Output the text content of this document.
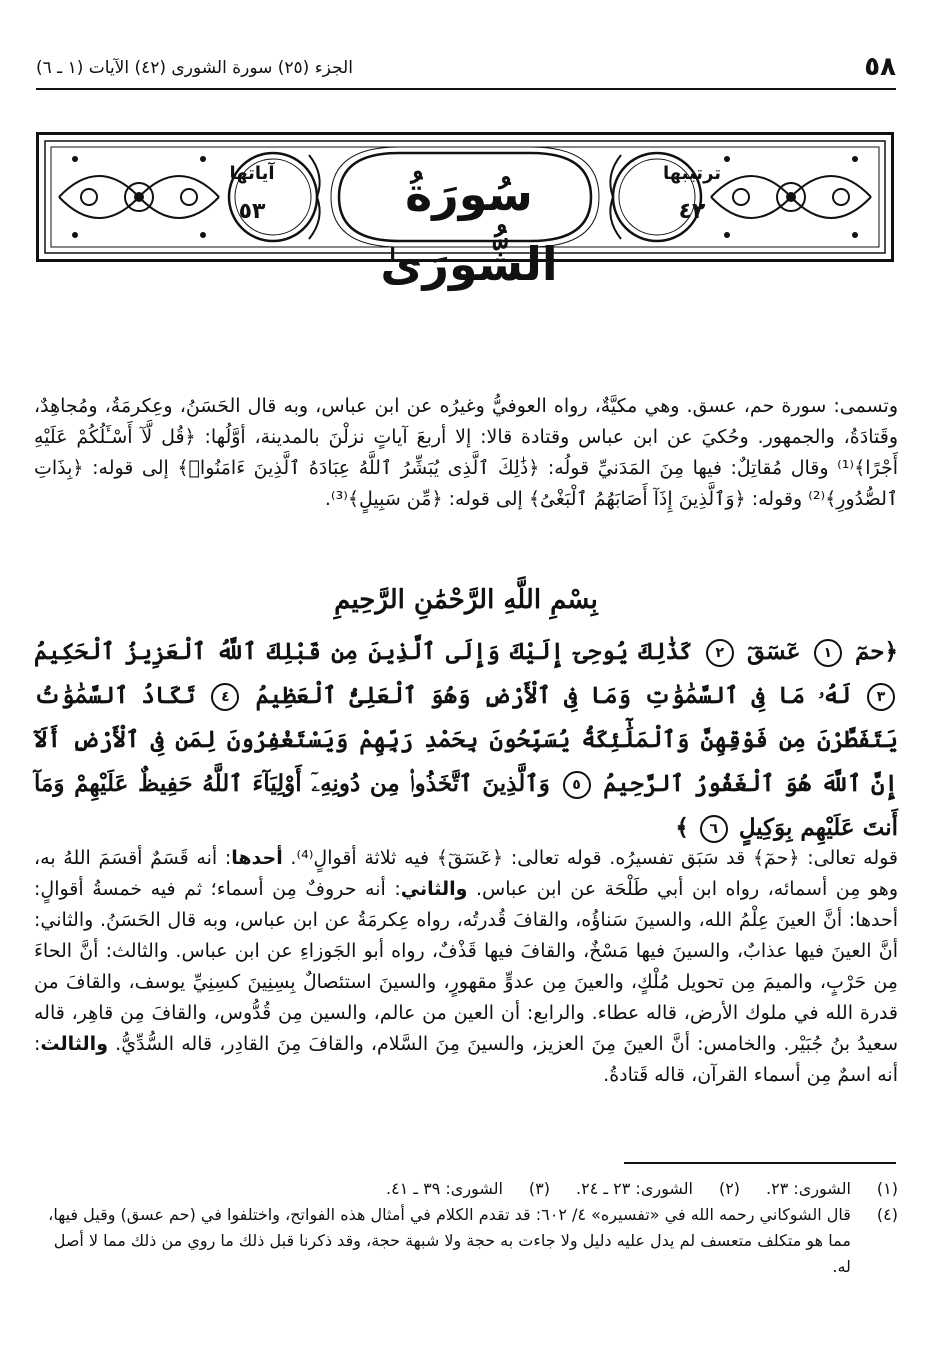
٥٨
الجزء (٢٥) سورة الشورى (٤٢) الآيات (١ ـ ٦)
سُورَةُ الشُّورَىٰ
ترتيبها
٤٢
آياتها
٥٣

وتسمى: سورة حم، عسق. وهي مكيَّةٌ، رواه العوفيُّ وغيرُه عن ابن عباس، وبه قال الحَسَنُ، وعِكرمَةُ، ومُجاهِدٌ، وقَتادَةُ، والجمهور. وحُكيَ عن ابن عباس وقتادة قالا: إلا أربعَ آياتٍ نزلْنَ بالمدينة، أوَّلُها: ﴿قُل لَّآ أَسْـَٔلُكُمْ عَلَيْهِ أَجْرًا﴾⁽¹⁾ وقال مُقاتِلٌ: فيها مِنَ المَدَنيِّ قولُه: ﴿ذَٰلِكَ ٱلَّذِى يُبَشِّرُ ٱللَّهُ عِبَادَهُ ٱلَّذِينَ ءَامَنُوا۟﴾ إلى قوله: ﴿بِذَاتِ ٱلصُّدُورِ﴾⁽²⁾ وقوله: ﴿وَٱلَّذِينَ إِذَآ أَصَابَهُمُ ٱلْبَغْىُ﴾ إلى قوله: ﴿مِّن سَبِيلٍ﴾⁽³⁾.

بِسْمِ اللَّهِ الرَّحْمَٰنِ الرَّحِيمِ
﴿حمٓ ١ عٓسٓقٓ ٢ كَذَٰلِكَ يُوحِىٓ إِلَيْكَ وَإِلَى ٱلَّذِينَ مِن قَبْلِكَ ٱللَّهُ ٱلْعَزِيزُ ٱلْحَكِيمُ ٣ لَهُۥ مَا فِى ٱلسَّمَٰوَٰتِ وَمَا فِى ٱلْأَرْضِ وَهُوَ ٱلْعَلِىُّ ٱلْعَظِيمُ ٤ تَكَادُ ٱلسَّمَٰوَٰتُ يَتَفَطَّرْنَ مِن فَوْقِهِنَّ وَٱلْمَلَٰٓئِكَةُ يُسَبِّحُونَ بِحَمْدِ رَبِّهِمْ وَيَسْتَغْفِرُونَ لِمَن فِى ٱلْأَرْضِ أَلَآ إِنَّ ٱللَّهَ هُوَ ٱلْغَفُورُ ٱلرَّحِيمُ ٥ وَٱلَّذِينَ ٱتَّخَذُوا۟ مِن دُونِهِۦٓ أَوْلِيَآءَ ٱللَّهُ حَفِيظٌ عَلَيْهِمْ وَمَآ أَنتَ عَلَيْهِم بِوَكِيلٍ ٦ ﴾

قوله تعالى: ﴿حمٓ﴾ قد سَبَق تفسيرُه. قوله تعالى: ﴿عٓسٓقٓ﴾ فيه ثلاثة أقوالٍ⁽⁴⁾. أحدها: أنه قَسَمٌ أقسَمَ اللهُ به، وهو مِن أسمائه، رواه ابن أبي طَلْحَة عن ابن عباس. والثاني: أنه حروفٌ مِن أسماء؛ ثم فيه خمسةُ أقوالٍ: أحدها: أنَّ العينَ عِلْمُ الله، والسينَ سَناؤُه، والقافَ قُدرتُه، رواه عِكرمَةُ عن ابن عباس، وبه قال الحَسَنُ. والثاني: أنَّ العينَ فيها عذابٌ، والسينَ فيها مَسْخٌ، والقافَ فيها قَذْفٌ، رواه أبو الجَوزاءِ عن ابن عباس. والثالث: أنَّ الحاءَ مِن حَرْبٍ، والميمَ مِن تحويل مُلْكٍ، والعينَ مِن عدوٍّ مقهورٍ، والسينَ استئصالٌ بِسِنِينَ كسِنِيِّ يوسف، والقافَ من قدرة الله في ملوك الأرض، قاله عطاء. والرابع: أن العين من عالم، والسين مِن قُدُّوس، والقافَ مِن قاهِر، قاله سعيدُ بنُ جُبَيْر. والخامس: أنَّ العينَ مِنَ العزيز، والسينَ مِنَ السَّلام، والقافَ مِنَ القادِر، قاله السُّدِّيُّ. والثالث: أنه اسمٌ مِن أسماء القرآن، قاله قَتادةُ.

(١)
الشورى: ٢٣.
(٢)
الشورى: ٢٣ ـ ٢٤.
(٣)
الشورى: ٣٩ ـ ٤١.
(٤)
قال الشوكاني رحمه الله في «تفسيره» ٤/ ٦٠٢: قد تقدم الكلام في أمثال هذه الفواتح، واختلفوا في (حم عسق) وقيل فيها، مما هو متكلف متعسف لم يدل عليه دليل ولا جاءت به حجة ولا شبهة حجة، وقد ذكرنا قبل ذلك ما روي من ذلك مما لا أصل له.
